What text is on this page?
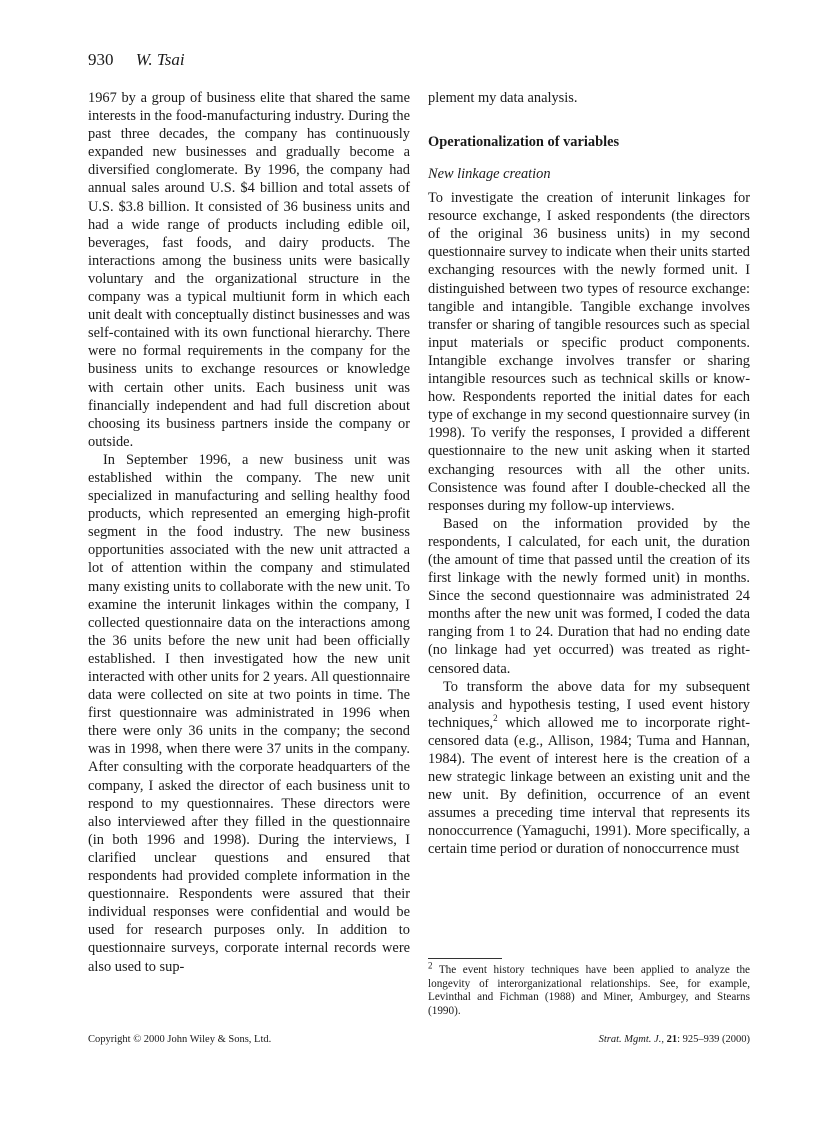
930 W. Tsai

1967 by a group of business elite that shared the same interests in the food-manufacturing industry. During the past three decades, the company has continuously expanded new businesses and gradually become a diversified conglomerate. By 1996, the company had annual sales around U.S. $4 billion and total assets of U.S. $3.8 billion. It consisted of 36 business units and had a wide range of products including edible oil, beverages, fast foods, and dairy products. The interactions among the business units were basically voluntary and the organizational structure in the company was a typical multiunit form in which each unit dealt with conceptually distinct businesses and was self-contained with its own functional hierarchy. There were no formal requirements in the company for the business units to exchange resources or knowledge with certain other units. Each business unit was financially independent and had full discretion about choosing its business partners inside the company or outside.

In September 1996, a new business unit was established within the company. The new unit specialized in manufacturing and selling healthy food products, which represented an emerging high-profit segment in the food industry. The new business opportunities associated with the new unit attracted a lot of attention within the company and stimulated many existing units to collaborate with the new unit. To examine the interunit linkages within the company, I collected questionnaire data on the interactions among the 36 units before the new unit had been officially established. I then investigated how the new unit interacted with other units for 2 years. All questionnaire data were collected on site at two points in time. The first questionnaire was administrated in 1996 when there were only 36 units in the company; the second was in 1998, when there were 37 units in the company. After consulting with the corporate headquarters of the company, I asked the director of each business unit to respond to my questionnaires. These directors were also interviewed after they filled in the questionnaire (in both 1996 and 1998). During the interviews, I clarified unclear questions and ensured that respondents had provided complete information in the questionnaire. Respondents were assured that their individual responses were confidential and would be used for research purposes only. In addition to questionnaire surveys, corporate internal records were also used to sup-

plement my data analysis.

Operationalization of variables
New linkage creation

To investigate the creation of interunit linkages for resource exchange, I asked respondents (the directors of the original 36 business units) in my second questionnaire survey to indicate when their units started exchanging resources with the newly formed unit. I distinguished between two types of resource exchange: tangible and intangible. Tangible exchange involves transfer or sharing of tangible resources such as special input materials or specific product components. Intangible exchange involves transfer or sharing intangible resources such as technical skills or know-how. Respondents reported the initial dates for each type of exchange in my second questionnaire survey (in 1998). To verify the responses, I provided a different questionnaire to the new unit asking when it started exchanging resources with all the other units. Consistence was found after I double-checked all the responses during my follow-up interviews.

Based on the information provided by the respondents, I calculated, for each unit, the duration (the amount of time that passed until the creation of its first linkage with the newly formed unit) in months. Since the second questionnaire was administrated 24 months after the new unit was formed, I coded the data ranging from 1 to 24. Duration that had no ending date (no linkage had yet occurred) was treated as right-censored data.

To transform the above data for my subsequent analysis and hypothesis testing, I used event history techniques,$^2$ which allowed me to incorporate right-censored data (e.g., Allison, 1984; Tuma and Hannan, 1984). The event of interest here is the creation of a new strategic linkage between an existing unit and the new unit. By definition, occurrence of an event assumes a preceding time interval that represents its nonoccurrence (Yamaguchi, 1991). More specifically, a certain time period or duration of nonoccurrence must

$^2$ The event history techniques have been applied to analyze the longevity of interorganizational relationships. See, for example, Levinthal and Fichman (1988) and Miner, Amburgey, and Stearns (1990).
Copyright © 2000 John Wiley & Sons, Ltd.	Strat. Mgmt. J., 21: 925–939 (2000)
